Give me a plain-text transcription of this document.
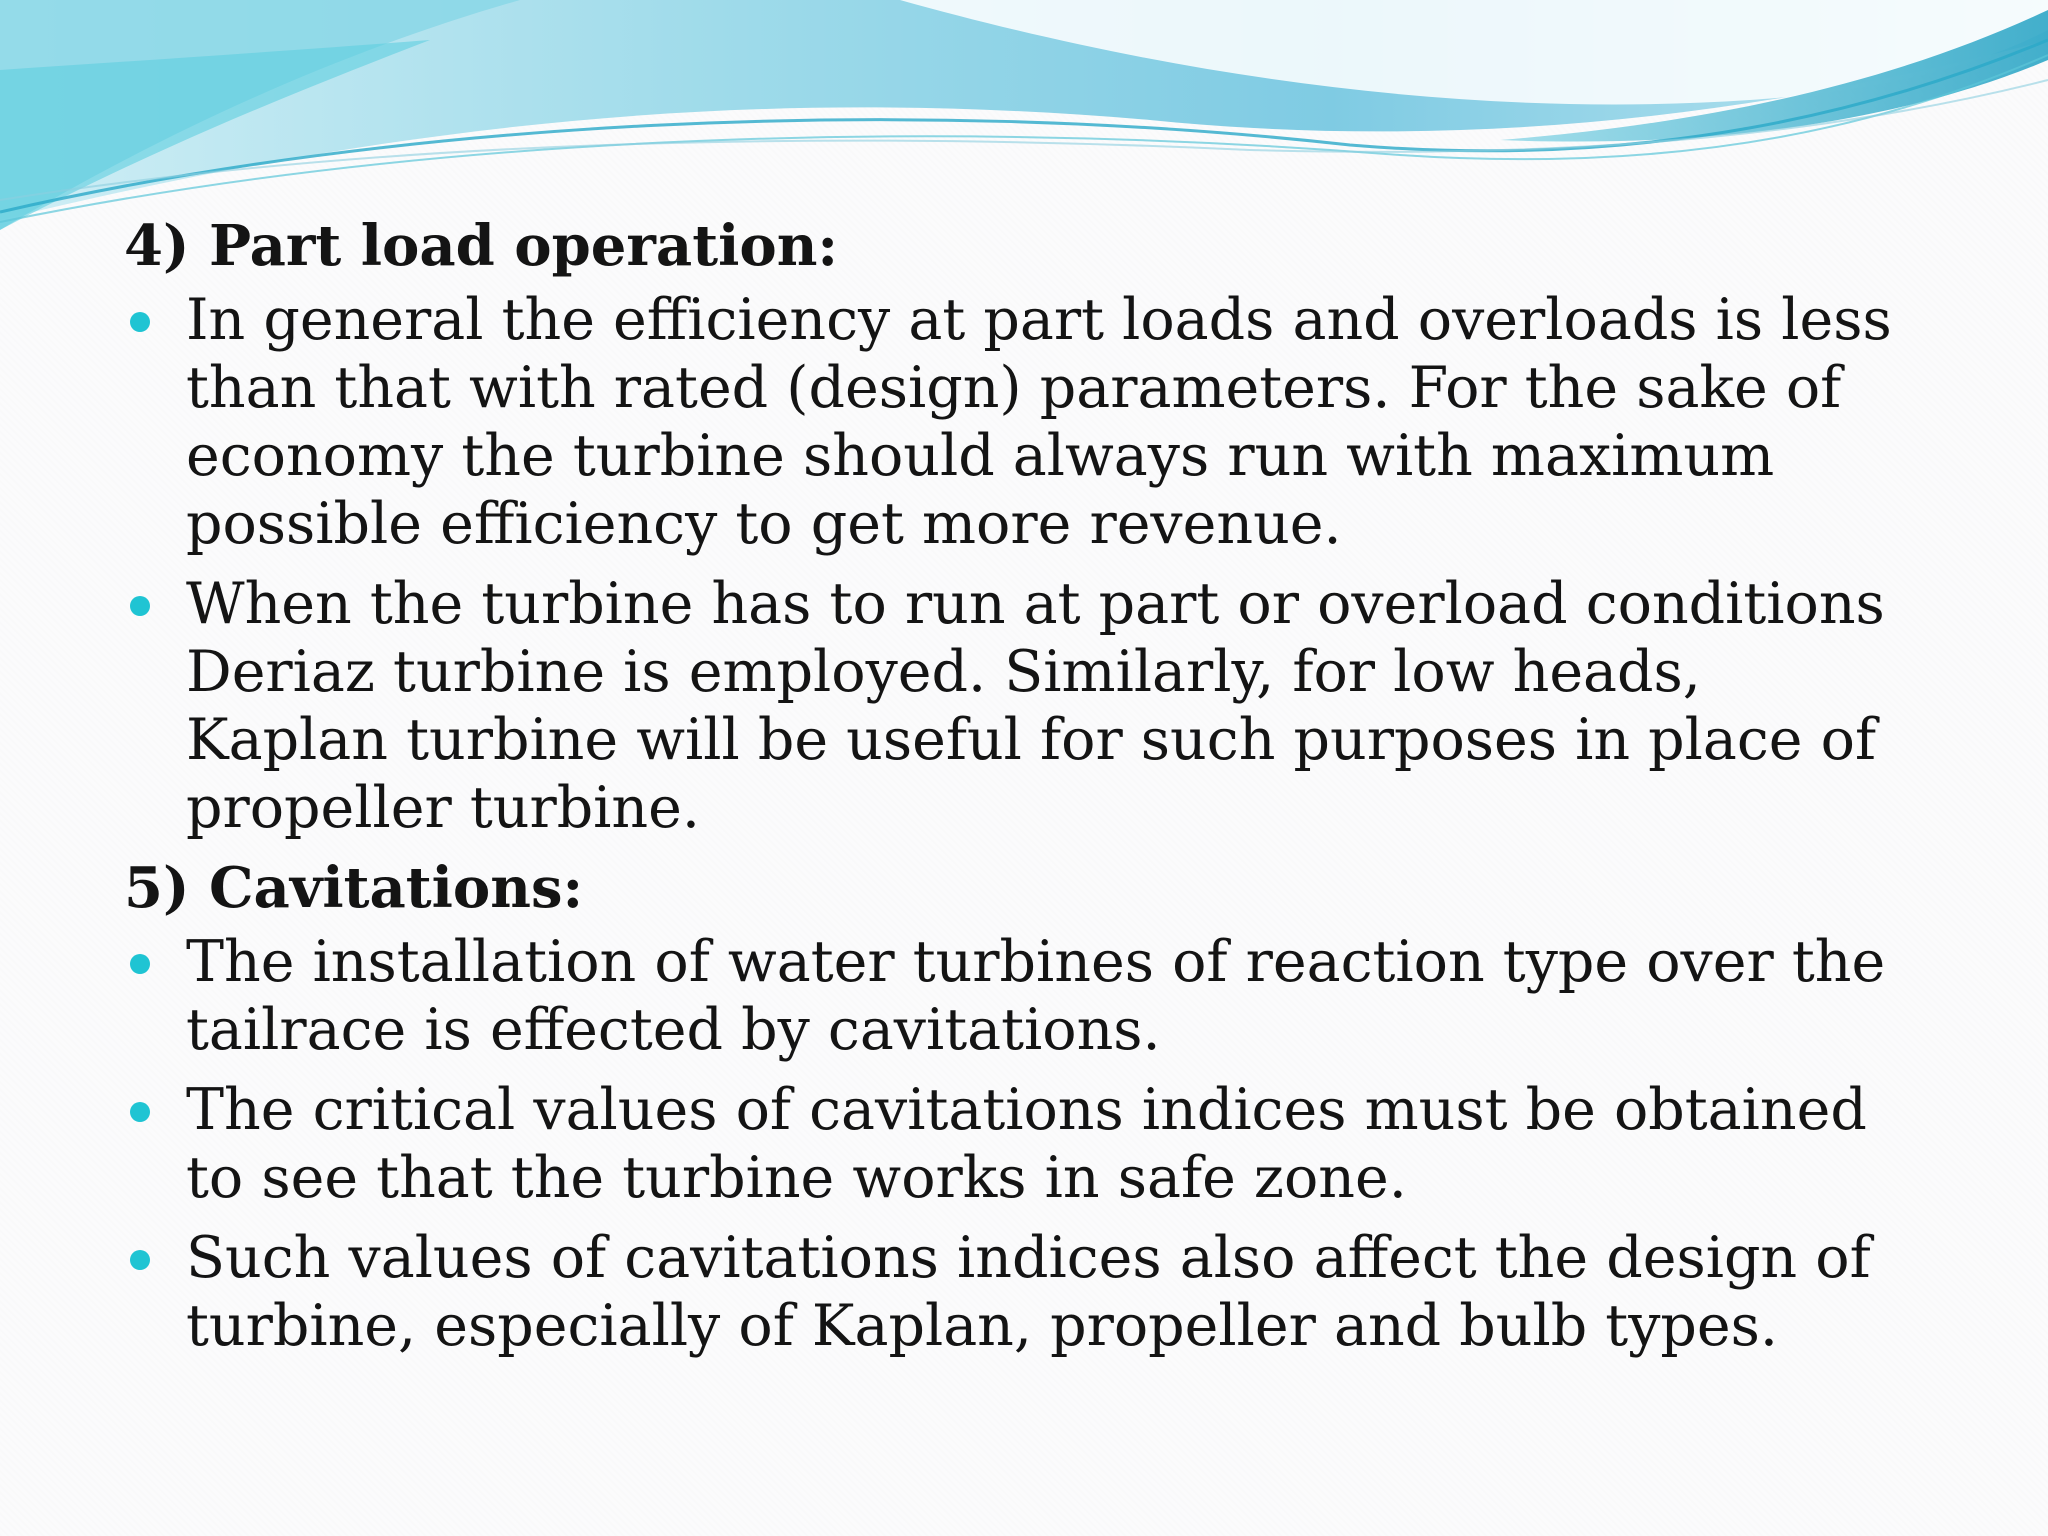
4) Part load operation:
In general the efficiency at part loads and overloads is less
than that with rated (design) parameters. For the sake of
economy the turbine should always run with maximum
possible efficiency to get more revenue.
When the turbine has to run at part or overload conditions
Deriaz turbine is employed. Similarly, for low heads,
Kaplan turbine will be useful for such purposes in place of
propeller turbine.
5) Cavitations:
The installation of water turbines of reaction type over the
tailrace is effected by cavitations.
The critical values of cavitations indices must be obtained
to see that the turbine works in safe zone.
Such values of cavitations indices also affect the design of
turbine, especially of Kaplan, propeller and bulb types.
